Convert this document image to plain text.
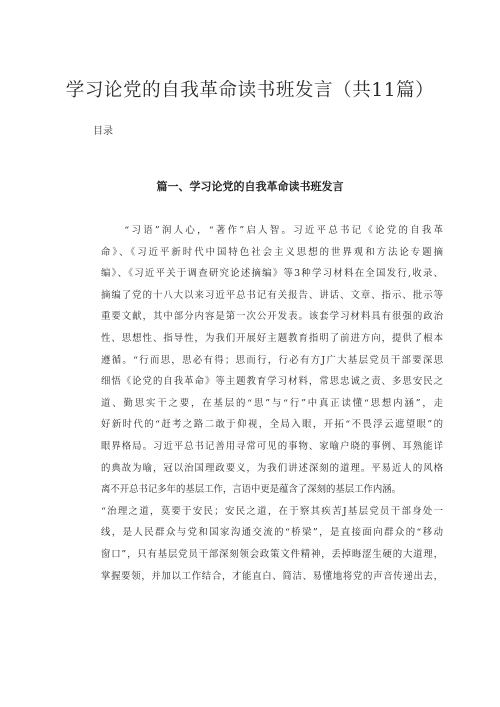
学习论党的自我革命读书班发言（共11篇）
目录
篇一、学习论党的自我革命读书班发言
　　“习语”润人心，“著作”启人智。习近平总书记《论党的自我革
命》、《习近平新时代中国特色社会主义思想的世界观和方法论专题摘
编》、《习近平关于调查研究论述摘编》等3种学习材料在全国发行,收录、
摘编了党的十八大以来习近平总书记有关报告、讲话、文章、指示、批示等
重要文献，其中部分内容是第一次公开发表。该套学习材料具有很强的政治
性、思想性、指导性，为我们开展好主题教育指明了前进方向，提供了根本
遵循。“行而思，思必有得；思而行，行必有方J广大基层党员干部要深思
细悟《论党的自我革命》等主题教育学习材料，常思忠诚之责、多思安民之
道、勤思实干之要，在基层的“思”与“行”中真正读懂“思想内涵”，走
好新时代的“赶考之路二敢于仰视，全局入眼，开拓“不畏浮云遮望眼”的
眼界格局。习近平总书记善用寻常可见的事物、家喻户晓的事例、耳熟能详
的典故为喻，冠以治国理政要义，为我们讲述深刻的道理。平易近人的风格
离不开总书记多年的基层工作，言语中更是蕴含了深刻的基层工作内涵。
“治理之道，莫要于安民；安民之道，在于察其疾苦J基层党员干部身处一
线，是人民群众与党和国家沟通交流的“桥梁”，是直接面向群众的“移动
窗口”，只有基层党员干部深刻领会政策文件精神，丢掉晦涩生硬的大道理，
掌握要领，并加以工作结合，才能直白、简洁、易懂地将党的声音传递出去，
